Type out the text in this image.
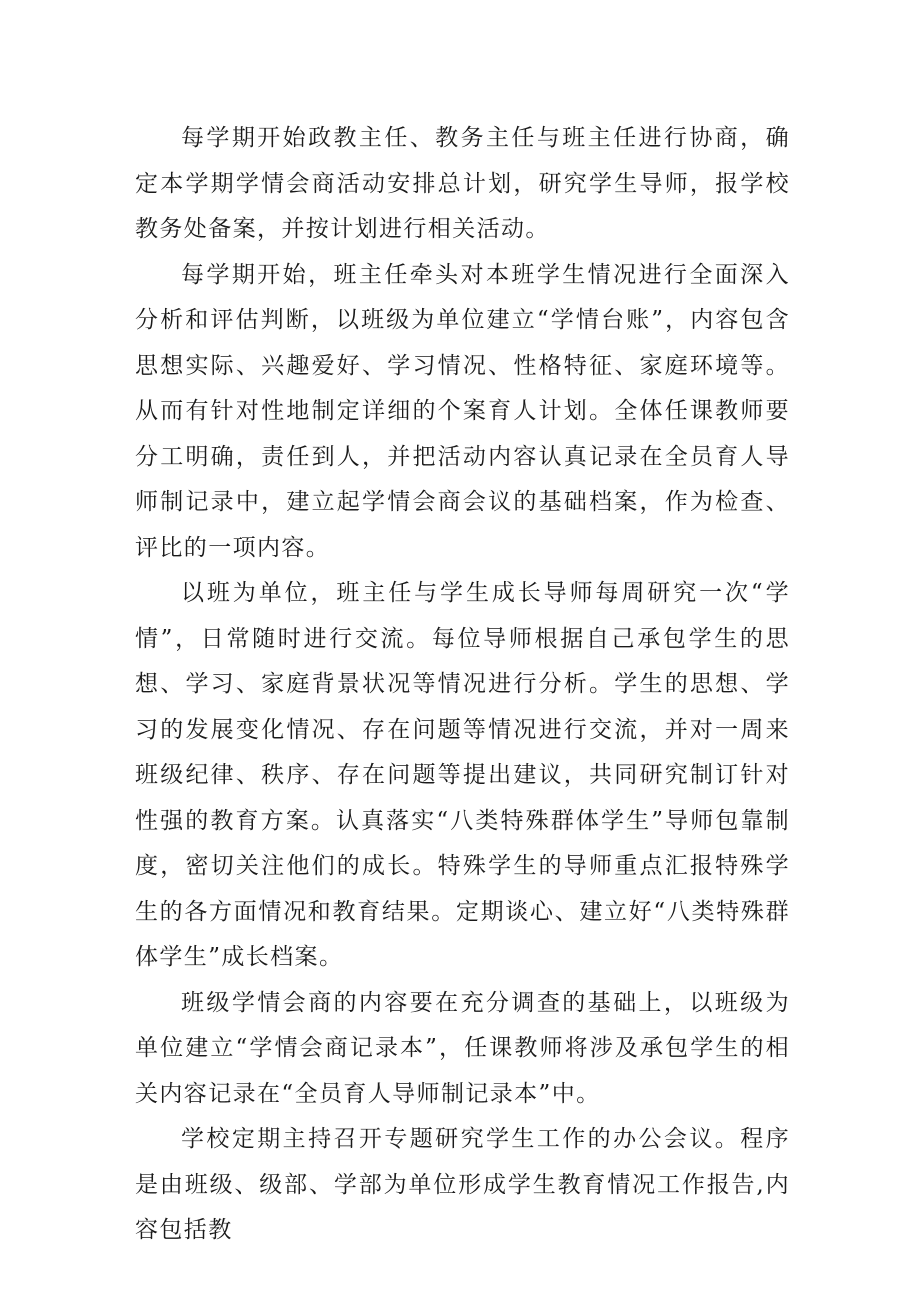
每学期开始政教主任、教务主任与班主任进行协商，确定本学期学情会商活动安排总计划，研究学生导师，报学校教务处备案，并按计划进行相关活动。

每学期开始，班主任牵头对本班学生情况进行全面深入分析和评估判断，以班级为单位建立“学情台账”，内容包含思想实际、兴趣爱好、学习情况、性格特征、家庭环境等。从而有针对性地制定详细的个案育人计划。全体任课教师要分工明确，责任到人，并把活动内容认真记录在全员育人导师制记录中，建立起学情会商会议的基础档案，作为检查、评比的一项内容。

以班为单位，班主任与学生成长导师每周研究一次“学情”，日常随时进行交流。每位导师根据自己承包学生的思想、学习、家庭背景状况等情况进行分析。学生的思想、学习的发展变化情况、存在问题等情况进行交流，并对一周来班级纪律、秩序、存在问题等提出建议，共同研究制订针对性强的教育方案。认真落实“八类特殊群体学生”导师包靠制度，密切关注他们的成长。特殊学生的导师重点汇报特殊学生的各方面情况和教育结果。定期谈心、建立好“八类特殊群体学生”成长档案。

班级学情会商的内容要在充分调查的基础上，以班级为单位建立“学情会商记录本”，任课教师将涉及承包学生的相关内容记录在“全员育人导师制记录本”中。

学校定期主持召开专题研究学生工作的办公会议。程序是由班级、级部、学部为单位形成学生教育情况工作报告,内容包括教
